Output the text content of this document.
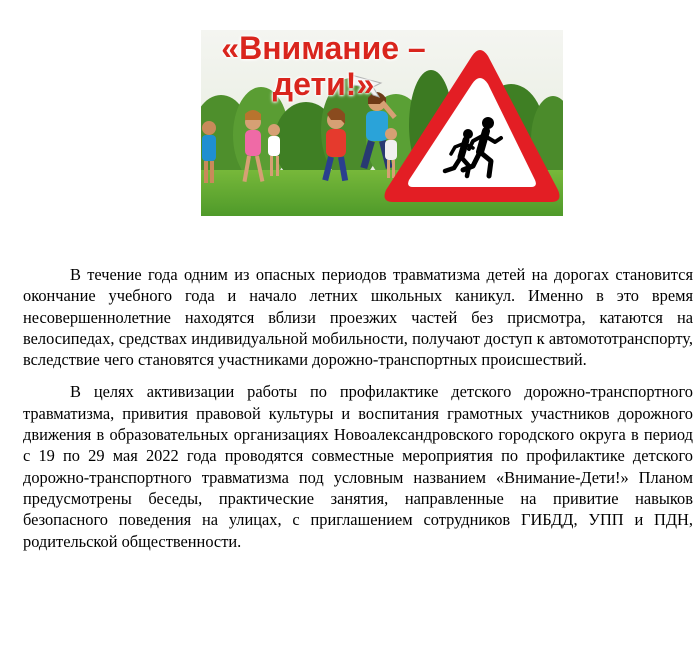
«Внимание –
дети!»

В течение года одним из опасных периодов травматизма детей на дорогах становится окончание учебного года и начало летних школьных каникул. Именно в это время несовершеннолетние находятся вблизи проезжих частей без присмотра, катаются на велосипедах, средствах индивидуальной мобильности, получают доступ к автомототранспорту, вследствие чего становятся участниками дорожно-транспортных происшествий.

В целях активизации работы по профилактике детского дорожно-транспортного травматизма, привития правовой культуры и воспитания грамотных участников дорожного движения в образовательных организациях Новоалександровского городского округа в период с 19 по 29 мая 2022 года проводятся совместные мероприятия по профилактике детского дорожно-транспортного травматизма под условным названием «Внимание-Дети!» Планом предусмотрены беседы, практические занятия, направленные на привитие навыков безопасного поведения на улицах, с приглашением сотрудников ГИБДД, УПП и ПДН, родительской общественности.
